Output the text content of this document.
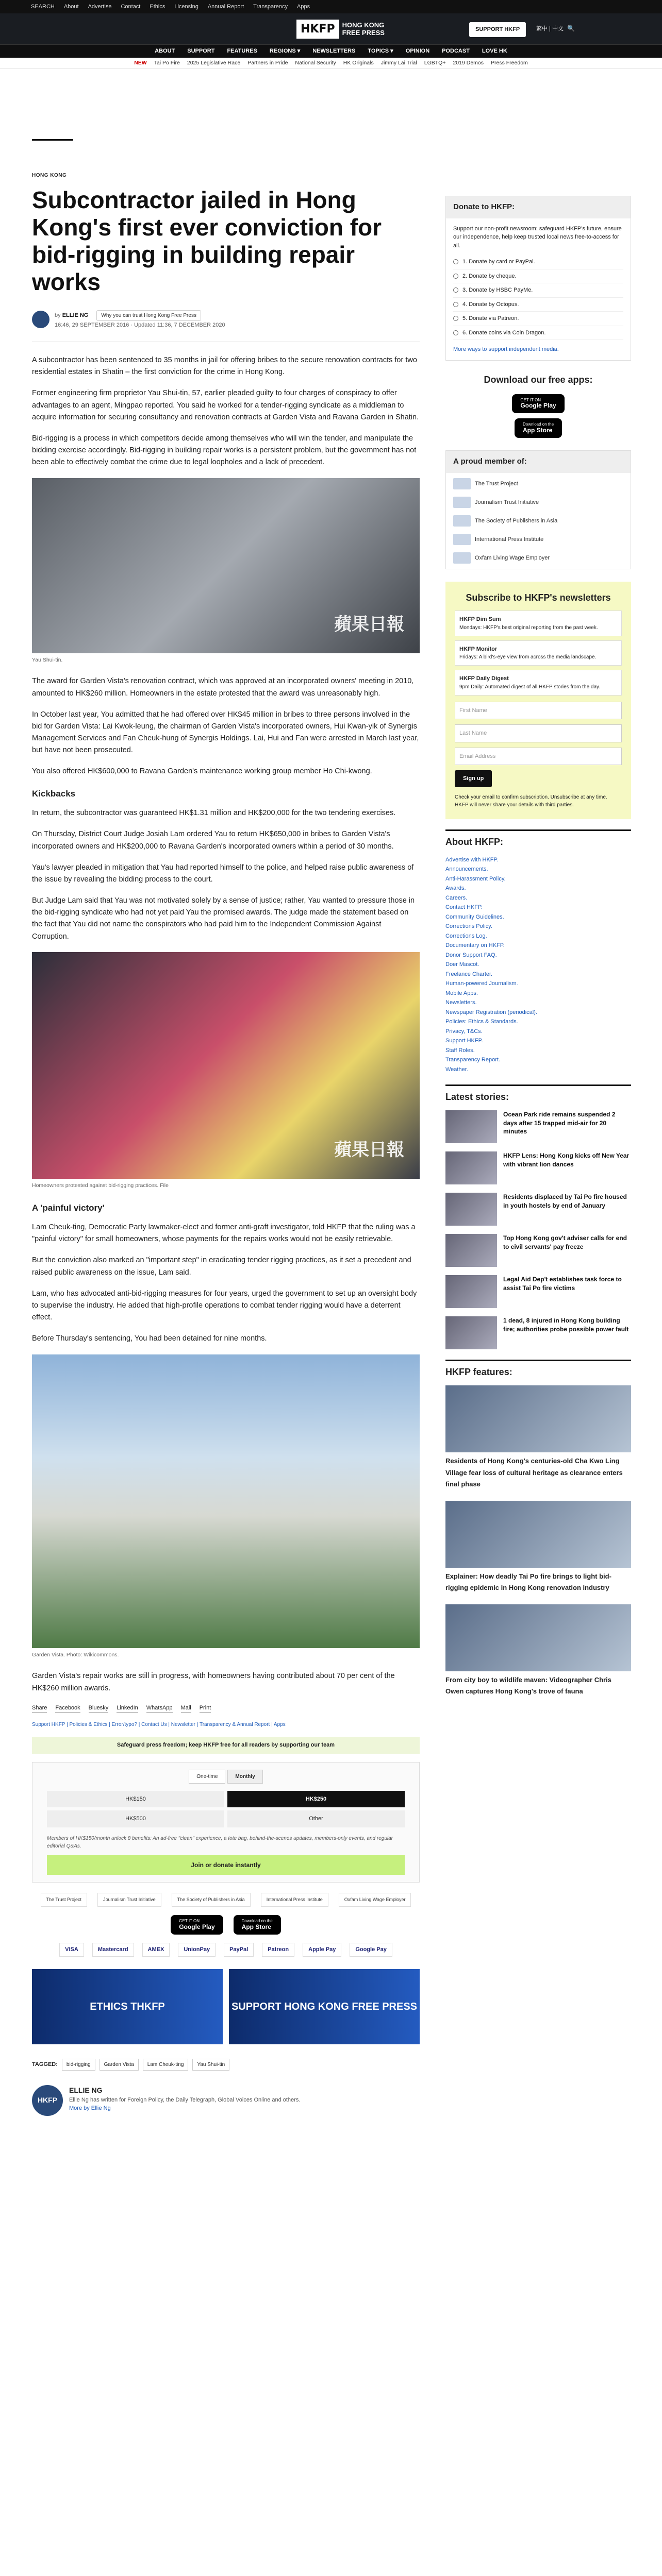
SEARCH About Advertise Contact Ethics Licensing Annual Report Transparency Apps
HKFP	HONG KONG FREE PRESS	SUPPORT HKFP	繁中 | 中文 🔍
ABOUT SUPPORT FEATURES REGIONS ▾ NEWSLETTERS TOPICS ▾ OPINION PODCAST LOVE HK
NEW Tai Po Fire 2025 Legislative Race Partners in Pride National Security HK Originals Jimmy Lai Trial LGBTQ+ 2019 Demos Press Freedom
HONG KONG
Subcontractor jailed in Hong Kong's first ever conviction for bid-rigging in building repair works
by ELLIE NG	Why you can trust Hong Kong Free Press
16:46, 29 SEPTEMBER 2016 · Updated 11:36, 7 DECEMBER 2020

A subcontractor has been sentenced to 35 months in jail for offering bribes to the secure renovation contracts for two residential estates in Shatin – the first conviction for the crime in Hong Kong.

Former engineering firm proprietor Yau Shui-tin, 57, earlier pleaded guilty to four charges of conspiracy to offer advantages to an agent, Mingpao reported. You said he worked for a tender-rigging syndicate as a middleman to acquire information for securing consultancy and renovation contracts at Garden Vista and Ravana Garden in Shatin.

Bid-rigging is a process in which competitors decide among themselves who will win the tender, and manipulate the bidding exercise accordingly. Bid-rigging in building repair works is a persistent problem, but the government has not been able to effectively combat the crime due to legal loopholes and a lack of precedent.

蘋果日報
Yau Shui-tin.

The award for Garden Vista's renovation contract, which was approved at an incorporated owners' meeting in 2010, amounted to HK$260 million. Homeowners in the estate protested that the award was unreasonably high.

In October last year, You admitted that he had offered over HK$45 million in bribes to three persons involved in the bid for Garden Vista: Lai Kwok-leung, the chairman of Garden Vista's incorporated owners, Hui Kwan-yik of Synergis Management Services and Fan Cheuk-hung of Synergis Holdings. Lai, Hui and Fan were arrested in March last year, but have not been prosecuted.

You also offered HK$600,000 to Ravana Garden's maintenance working group member Ho Chi-kwong.

Kickbacks

In return, the subcontractor was guaranteed HK$1.31 million and HK$200,000 for the two tendering exercises.

On Thursday, District Court Judge Josiah Lam ordered Yau to return HK$650,000 in bribes to Garden Vista's incorporated owners and HK$200,000 to Ravana Garden's incorporated owners within a period of 30 months.

Yau's lawyer pleaded in mitigation that Yau had reported himself to the police, and helped raise public awareness of the issue by revealing the bidding process to the court.

But Judge Lam said that Yau was not motivated solely by a sense of justice; rather, Yau wanted to pressure those in the bid-rigging syndicate who had not yet paid Yau the promised awards. The judge made the statement based on the fact that Yau did not name the conspirators who had paid him to the Independent Commission Against Corruption.

蘋果日報
Homeowners protested against bid-rigging practices. File
A 'painful victory'

Lam Cheuk-ting, Democratic Party lawmaker-elect and former anti-graft investigator, told HKFP that the ruling was a "painful victory" for small homeowners, whose payments for the repairs works would not be easily retrievable.

But the conviction also marked an "important step" in eradicating tender rigging practices, as it set a precedent and raised public awareness on the issue, Lam said.

Lam, who has advocated anti-bid-rigging measures for four years, urged the government to set up an oversight body to supervise the industry. He added that high-profile operations to combat tender rigging would have a deterrent effect.

Before Thursday's sentencing, You had been detained for nine months.

Garden Vista. Photo: Wikicommons.

Garden Vista's repair works are still in progress, with homeowners having contributed about 70 per cent of the HK$260 million awards.

Share Facebook Bluesky LinkedIn WhatsApp Mail Print
Support HKFP | Policies & Ethics | Error/typo? | Contact Us | Newsletter | Transparency & Annual Report | Apps
Safeguard press freedom; keep HKFP free for all readers by supporting our team
One-time	Monthly
HK$150	HK$250
HK$500	Other
Members of HK$150/month unlock 8 benefits: An ad-free "clean" experience, a tote bag, behind-the-scenes updates, members-only events, and regular editorial Q&As.
Join or donate instantly
The Trust Project	Journalism Trust Initiative	The Society of Publishers in Asia	International Press Institute	Oxfam Living Wage Employer
GET IT ON
Google Play
Download on the
App Store
VISA	Mastercard	AMEX	UnionPay	PayPal	Patreon	Apple Pay	Google Pay
ETHICS THKFP	SUPPORT HONG KONG FREE PRESS
TAGGED:	bid-rigging	Garden Vista	Lam Cheuk-ting	Yau Shui-tin
HKFP
ELLIE NG
Ellie Ng has written for Foreign Policy, the Daily Telegraph, Global Voices Online and others.
More by Ellie Ng
Donate to HKFP:
Support our non-profit newsroom: safeguard HKFP's future, ensure our independence, help keep trusted local news free-to-access for all.
1. Donate by card or PayPal.
2. Donate by cheque.
3. Donate by HSBC PayMe.
4. Donate by Octopus.
5. Donate via Patreon.
6. Donate coins via Coin Dragon.
More ways to support independent media.
Download our free apps:
GET IT ON
Google Play
Download on the
App Store
A proud member of:
The Trust Project
Journalism Trust Initiative
The Society of Publishers in Asia
International Press Institute
Oxfam Living Wage Employer
Subscribe to HKFP's newsletters
HKFP Dim Sum
Mondays: HKFP's best original reporting from the past week.
HKFP Monitor
Fridays: A bird's-eye view from across the media landscape.
HKFP Daily Digest
9pm Daily: Automated digest of all HKFP stories from the day.
First Name
Last Name
Email Address
Sign up
Check your email to confirm subscription. Unsubscribe at any time. HKFP will never share your details with third parties.
About HKFP:
Advertise with HKFP.
Announcements.
Anti-Harassment Policy.
Awards.
Careers.
Contact HKFP.
Community Guidelines.
Corrections Policy.
Corrections Log.
Documentary on HKFP.
Donor Support FAQ.
Doer Mascot.
Freelance Charter.
Human-powered Journalism.
Mobile Apps.
Newsletters.
Newspaper Registration (periodical).
Policies: Ethics & Standards.
Privacy, T&Cs.
Support HKFP.
Staff Roles.
Transparency Report.
Weather.
Latest stories:
Ocean Park ride remains suspended 2 days after 15 trapped mid-air for 20 minutes
HKFP Lens: Hong Kong kicks off New Year with vibrant lion dances
Residents displaced by Tai Po fire housed in youth hostels by end of January
Top Hong Kong gov't adviser calls for end to civil servants' pay freeze
Legal Aid Dep't establishes task force to assist Tai Po fire victims
1 dead, 8 injured in Hong Kong building fire; authorities probe possible power fault
HKFP features:
Residents of Hong Kong's centuries-old Cha Kwo Ling Village fear loss of cultural heritage as clearance enters final phase
Explainer: How deadly Tai Po fire brings to light bid-rigging epidemic in Hong Kong renovation industry
From city boy to wildlife maven: Videographer Chris Owen captures Hong Kong's trove of fauna
